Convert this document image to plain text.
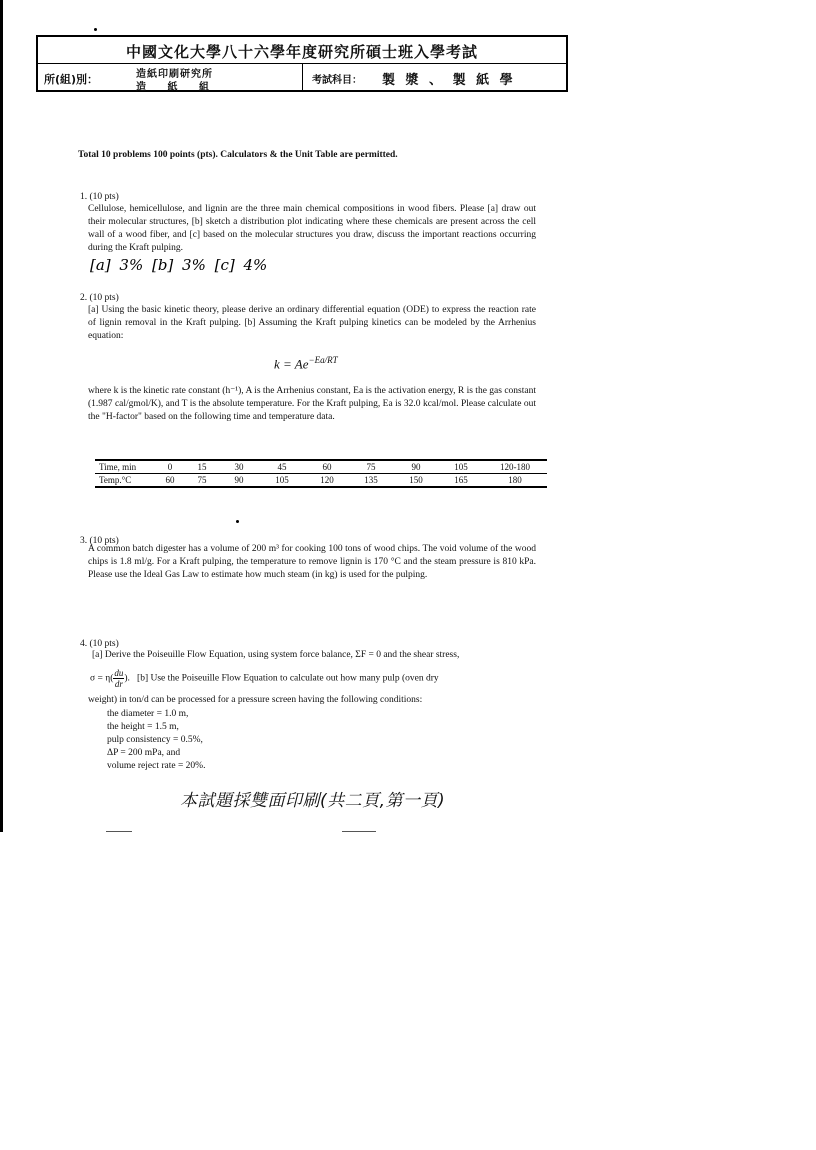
中國文化大學八十六學年度研究所碩士班入學考試
所(組)別：	造紙印刷研究所
造 紙 組
考試科目： 製 漿 、 製 紙 學
Total 10 problems 100 points (pts). Calculators & the Unit Table are permitted.
1. (10 pts)
Cellulose, hemicellulose, and lignin are the three main chemical compositions in wood fibers. Please [a] draw out their molecular structures, [b] sketch a distribution plot indicating where these chemicals are present across the cell wall of a wood fiber, and [c] based on the molecular structures you draw, discuss the important reactions occurring during the Kraft pulping.
[a] 3% [b] 3% [c] 4%
2. (10 pts)
[a] Using the basic kinetic theory, please derive an ordinary differential equation (ODE) to express the reaction rate of lignin removal in the Kraft pulping. [b] Assuming the Kraft pulping kinetics can be modeled by the Arrhenius equation:
$k = Ae^{-Ea/RT}$
where k is the kinetic rate constant (h⁻¹), A is the Arrhenius constant, Ea is the activation energy, R is the gas constant (1.987 cal/gmol/K), and T is the absolute temperature. For the Kraft pulping, Ea is 32.0 kcal/mol. Please calculate out the "H-factor" based on the following time and temperature data.
Time, min	0	15	30	45	60	75	90	105	120-180
Temp.°C	60	75	90	105	120	135	150	165	180
3. (10 pts)
A common batch digester has a volume of 200 m³ for cooking 100 tons of wood chips. The void volume of the wood chips is 1.8 ml/g. For a Kraft pulping, the temperature to remove lignin is 170 °C and the steam pressure is 810 kPa. Please use the Ideal Gas Law to estimate how much steam (in kg) is used for the pulping.
4. (10 pts)
[a] Derive the Poiseuille Flow Equation, using system force balance, ΣF = 0 and the shear stress,
$\sigma = \eta( \frac{du}{dr}$ ). [b] Use the Poiseuille Flow Equation to calculate out how many pulp (oven dry
weight) in ton/d can be processed for a pressure screen having the following conditions:
the diameter = 1.0 m,
the height = 1.5 m,
pulp consistency = 0.5%,
ΔP = 200 mPa, and
volume reject rate = 20%.
本試題採雙面印刷(共二頁,第一頁)
